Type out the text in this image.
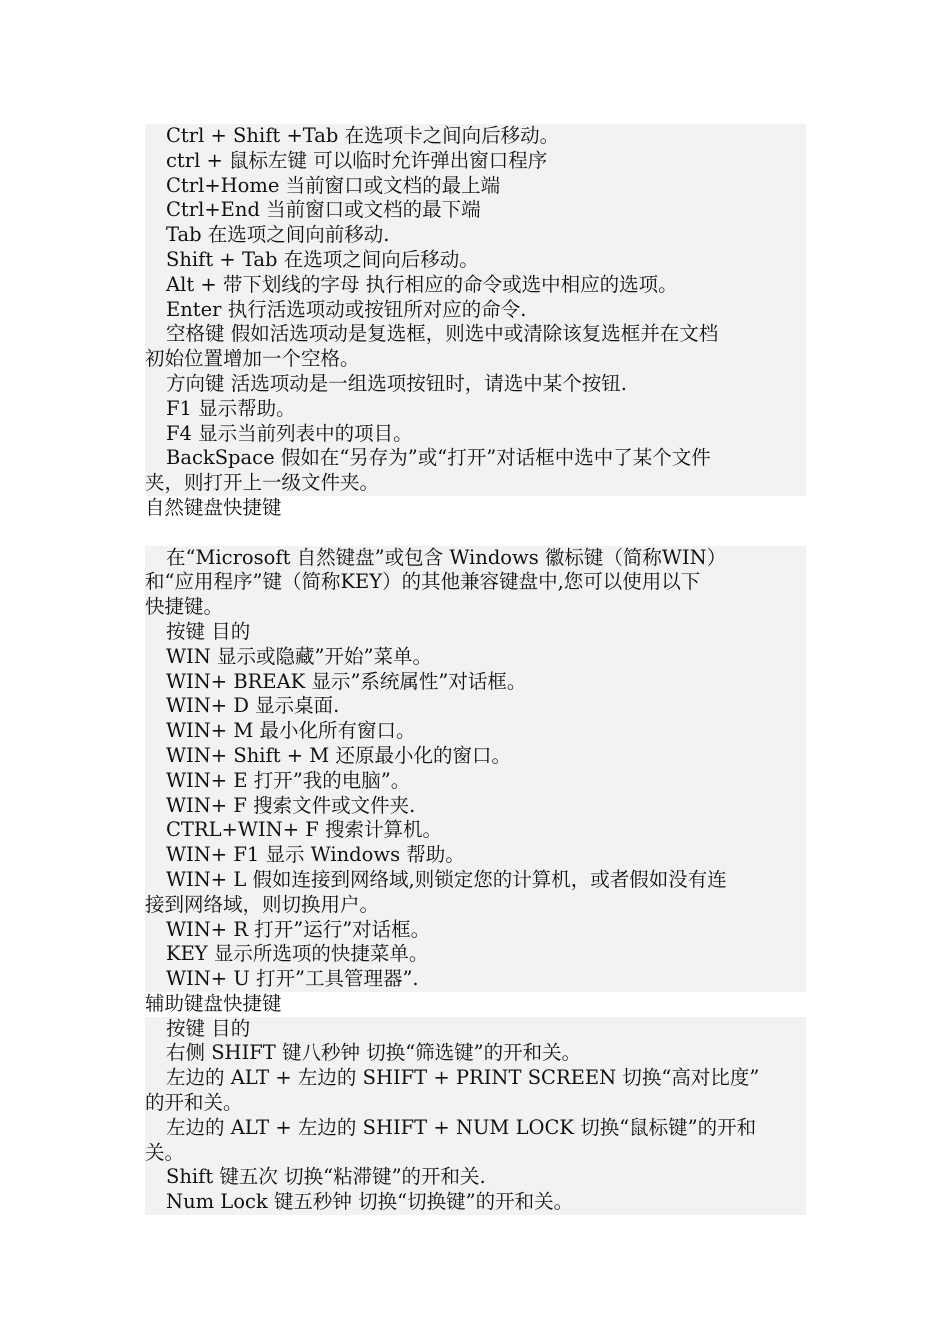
Ctrl + Shift +Tab 在选项卡之间向后移动。
ctrl + 鼠标左键 可以临时允许弹出窗口程序
Ctrl+Home 当前窗口或文档的最上端
Ctrl+End 当前窗口或文档的最下端
Tab 在选项之间向前移动.
Shift + Tab 在选项之间向后移动。
Alt + 带下划线的字母 执行相应的命令或选中相应的选项。
Enter 执行活选项动或按钮所对应的命令.
空格键 假如活选项动是复选框，则选中或清除该复选框并在文档
初始位置增加一个空格。
方向键 活选项动是一组选项按钮时，请选中某个按钮.
F1 显示帮助。
F4 显示当前列表中的项目。
BackSpace 假如在“另存为”或“打开”对话框中选中了某个文件
夹，则打开上一级文件夹。
自然键盘快捷键
在“Microsoft 自然键盘”或包含 Windows 徽标键（简称WIN）
和“应用程序”键（简称KEY）的其他兼容键盘中,您可以使用以下
快捷键。
按键 目的
WIN 显示或隐藏”开始”菜单。
WIN+ BREAK 显示”系统属性”对话框。
WIN+ D 显示桌面.
WIN+ M 最小化所有窗口。
WIN+ Shift + M 还原最小化的窗口。
WIN+ E 打开”我的电脑”。
WIN+ F 搜索文件或文件夹.
CTRL+WIN+ F 搜索计算机。
WIN+ F1 显示 Windows 帮助。
WIN+ L 假如连接到网络域,则锁定您的计算机，或者假如没有连
接到网络域，则切换用户。
WIN+ R 打开”运行”对话框。
KEY 显示所选项的快捷菜单。
WIN+ U 打开”工具管理器”.
辅助键盘快捷键
按键 目的
右侧 SHIFT 键八秒钟 切换“筛选键”的开和关。
左边的 ALT + 左边的 SHIFT + PRINT SCREEN 切换“高对比度”
的开和关。
左边的 ALT + 左边的 SHIFT + NUM LOCK 切换“鼠标键”的开和
关。
Shift 键五次 切换“粘滞键”的开和关.
Num Lock 键五秒钟 切换“切换键”的开和关。
